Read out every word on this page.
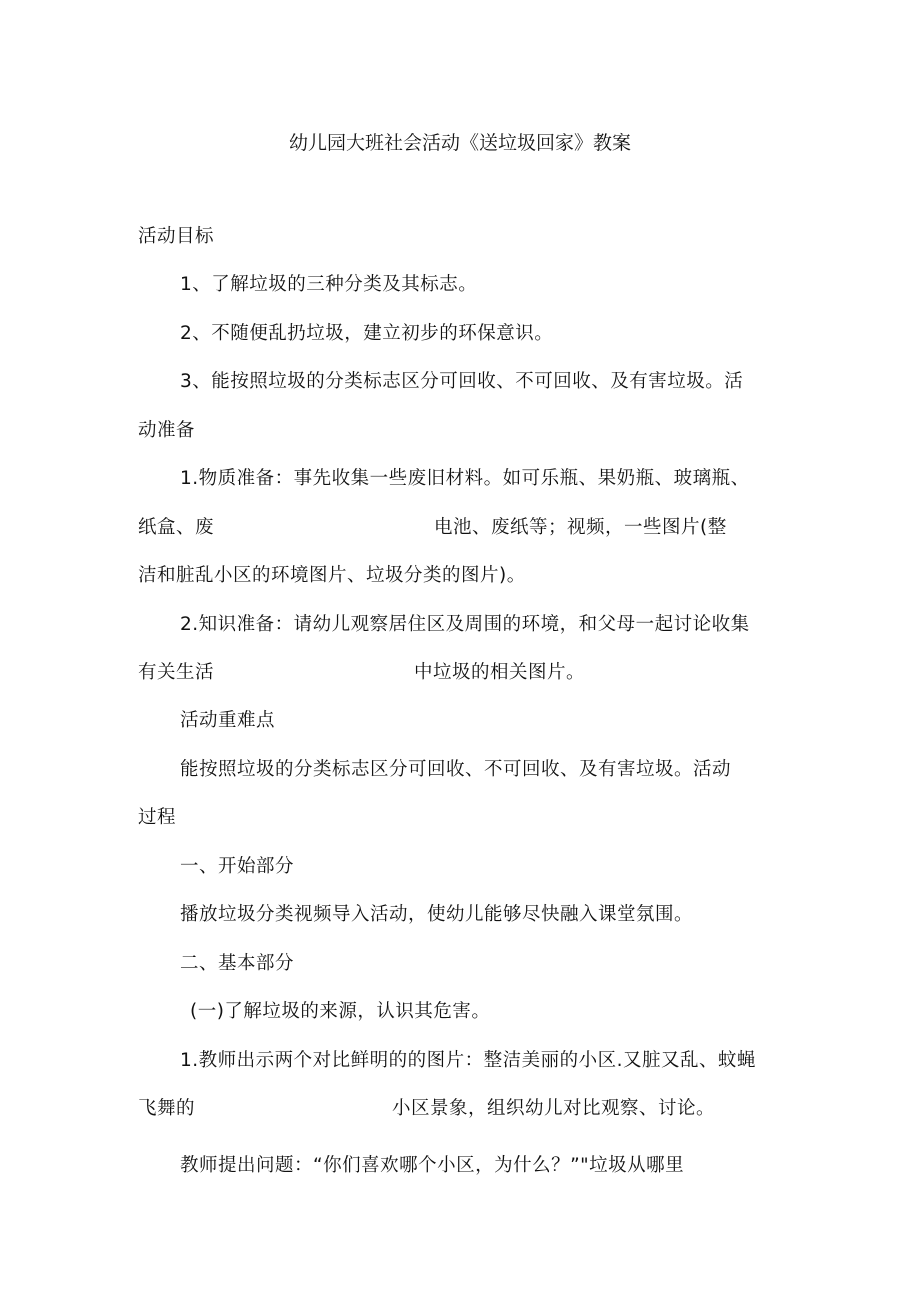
幼儿园大班社会活动《送垃圾回家》教案
活动目标
1、了解垃圾的三种分类及其标志。
2、不随便乱扔垃圾，建立初步的环保意识。
3、能按照垃圾的分类标志区分可回收、不可回收、及有害垃圾。活
动准备
1.物质准备：事先收集一些废旧材料。如可乐瓶、果奶瓶、玻璃瓶、
纸盒、废	电池、废纸等；视频，一些图片(整
洁和脏乱小区的环境图片、垃圾分类的图片)。
2.知识准备：请幼儿观察居住区及周围的环境，和父母一起讨论收集
有关生活	中垃圾的相关图片。
活动重难点
能按照垃圾的分类标志区分可回收、不可回收、及有害垃圾。活动
过程
一、开始部分
播放垃圾分类视频导入活动，使幼儿能够尽快融入课堂氛围。
二、基本部分
(一)了解垃圾的来源，认识其危害。
1.教师出示两个对比鲜明的的图片：整洁美丽的小区.又脏又乱、蚊蝇
飞舞的	小区景象，组织幼儿对比观察、讨论。
教师提出问题：“你们喜欢哪个小区，为什么？”"垃圾从哪里
